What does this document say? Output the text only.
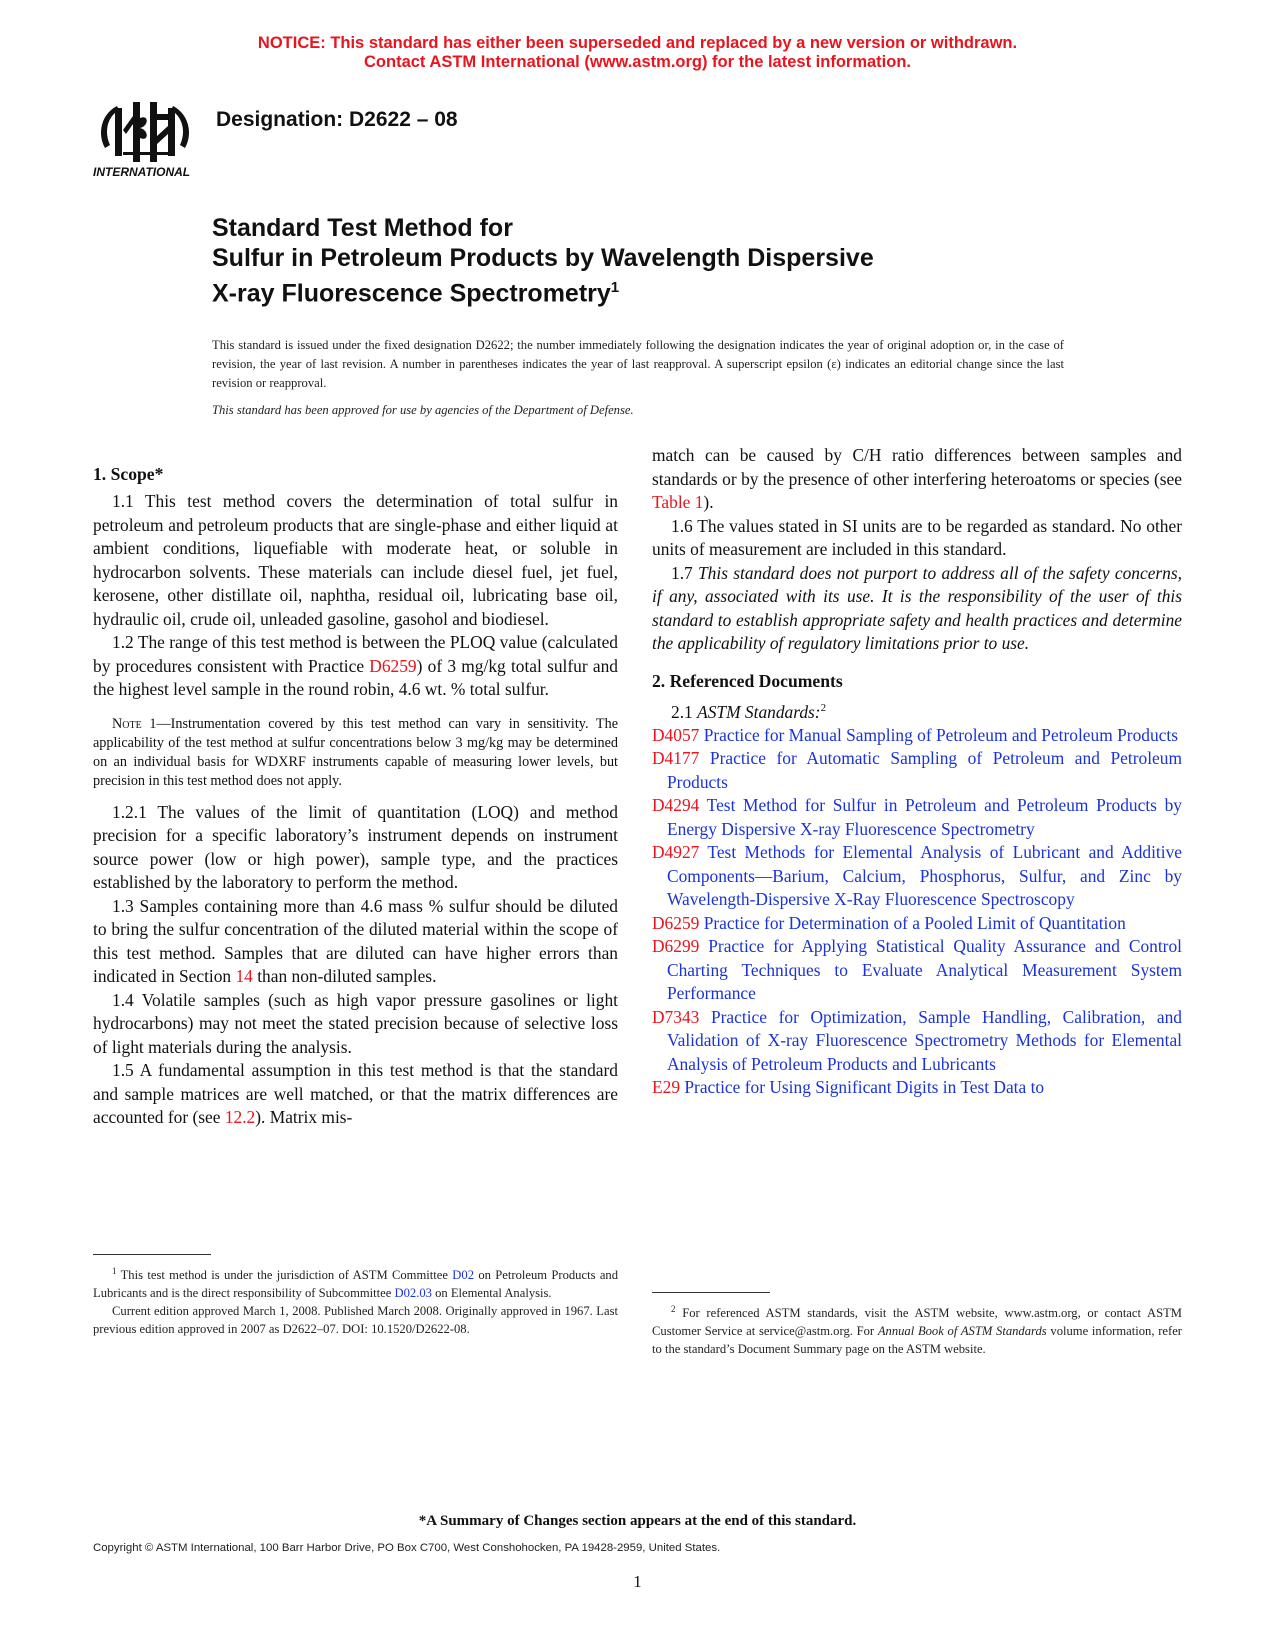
NOTICE: This standard has either been superseded and replaced by a new version or withdrawn.
Contact ASTM International (www.astm.org) for the latest information.
INTERNATIONAL
Designation: D2622 – 08
Standard Test Method for
Sulfur in Petroleum Products by Wavelength Dispersive
X-ray Fluorescence Spectrometry$^1$
This standard is issued under the fixed designation D2622; the number immediately following the designation indicates the year of original adoption or, in the case of revision, the year of last revision. A number in parentheses indicates the year of last reapproval. A superscript epsilon (ε) indicates an editorial change since the last revision or reapproval.
This standard has been approved for use by agencies of the Department of Defense.
1. Scope*

1.1 This test method covers the determination of total sulfur in petroleum and petroleum products that are single-phase and either liquid at ambient conditions, liquefiable with moderate heat, or soluble in hydrocarbon solvents. These materials can include diesel fuel, jet fuel, kerosene, other distillate oil, naphtha, residual oil, lubricating base oil, hydraulic oil, crude oil, unleaded gasoline, gasohol and biodiesel.

1.2 The range of this test method is between the PLOQ value (calculated by procedures consistent with Practice D6259) of 3 mg/kg total sulfur and the highest level sample in the round robin, 4.6 wt. % total sulfur.

Note 1—Instrumentation covered by this test method can vary in sensitivity. The applicability of the test method at sulfur concentrations below 3 mg/kg may be determined on an individual basis for WDXRF instruments capable of measuring lower levels, but precision in this test method does not apply.

1.2.1 The values of the limit of quantitation (LOQ) and method precision for a specific laboratory’s instrument depends on instrument source power (low or high power), sample type, and the practices established by the laboratory to perform the method.

1.3 Samples containing more than 4.6 mass % sulfur should be diluted to bring the sulfur concentration of the diluted material within the scope of this test method. Samples that are diluted can have higher errors than indicated in Section 14 than non-diluted samples.

1.4 Volatile samples (such as high vapor pressure gasolines or light hydrocarbons) may not meet the stated precision because of selective loss of light materials during the analysis.

1.5 A fundamental assumption in this test method is that the standard and sample matrices are well matched, or that the matrix differences are accounted for (see 12.2). Matrix mis-

match can be caused by C/H ratio differences between samples and standards or by the presence of other interfering heteroatoms or species (see Table 1).

1.6 The values stated in SI units are to be regarded as standard. No other units of measurement are included in this standard.

1.7 This standard does not purport to address all of the safety concerns, if any, associated with its use. It is the responsibility of the user of this standard to establish appropriate safety and health practices and determine the applicability of regulatory limitations prior to use.

2. Referenced Documents

2.1 ASTM Standards:$^2$

D4057 Practice for Manual Sampling of Petroleum and Petroleum Products

D4177 Practice for Automatic Sampling of Petroleum and Petroleum Products

D4294 Test Method for Sulfur in Petroleum and Petroleum Products by Energy Dispersive X-ray Fluorescence Spectrometry

D4927 Test Methods for Elemental Analysis of Lubricant and Additive Components—Barium, Calcium, Phosphorus, Sulfur, and Zinc by Wavelength-Dispersive X-Ray Fluorescence Spectroscopy

D6259 Practice for Determination of a Pooled Limit of Quantitation

D6299 Practice for Applying Statistical Quality Assurance and Control Charting Techniques to Evaluate Analytical Measurement System Performance

D7343 Practice for Optimization, Sample Handling, Calibration, and Validation of X-ray Fluorescence Spectrometry Methods for Elemental Analysis of Petroleum Products and Lubricants

E29 Practice for Using Significant Digits in Test Data to

$^1$ This test method is under the jurisdiction of ASTM Committee D02 on Petroleum Products and Lubricants and is the direct responsibility of Subcommittee D02.03 on Elemental Analysis.

Current edition approved March 1, 2008. Published March 2008. Originally approved in 1967. Last previous edition approved in 2007 as D2622–07. DOI: 10.1520/D2622-08.

$^2$ For referenced ASTM standards, visit the ASTM website, www.astm.org, or contact ASTM Customer Service at service@astm.org. For Annual Book of ASTM Standards volume information, refer to the standard’s Document Summary page on the ASTM website.

*A Summary of Changes section appears at the end of this standard.
Copyright © ASTM International, 100 Barr Harbor Drive, PO Box C700, West Conshohocken, PA 19428-2959, United States.
1
